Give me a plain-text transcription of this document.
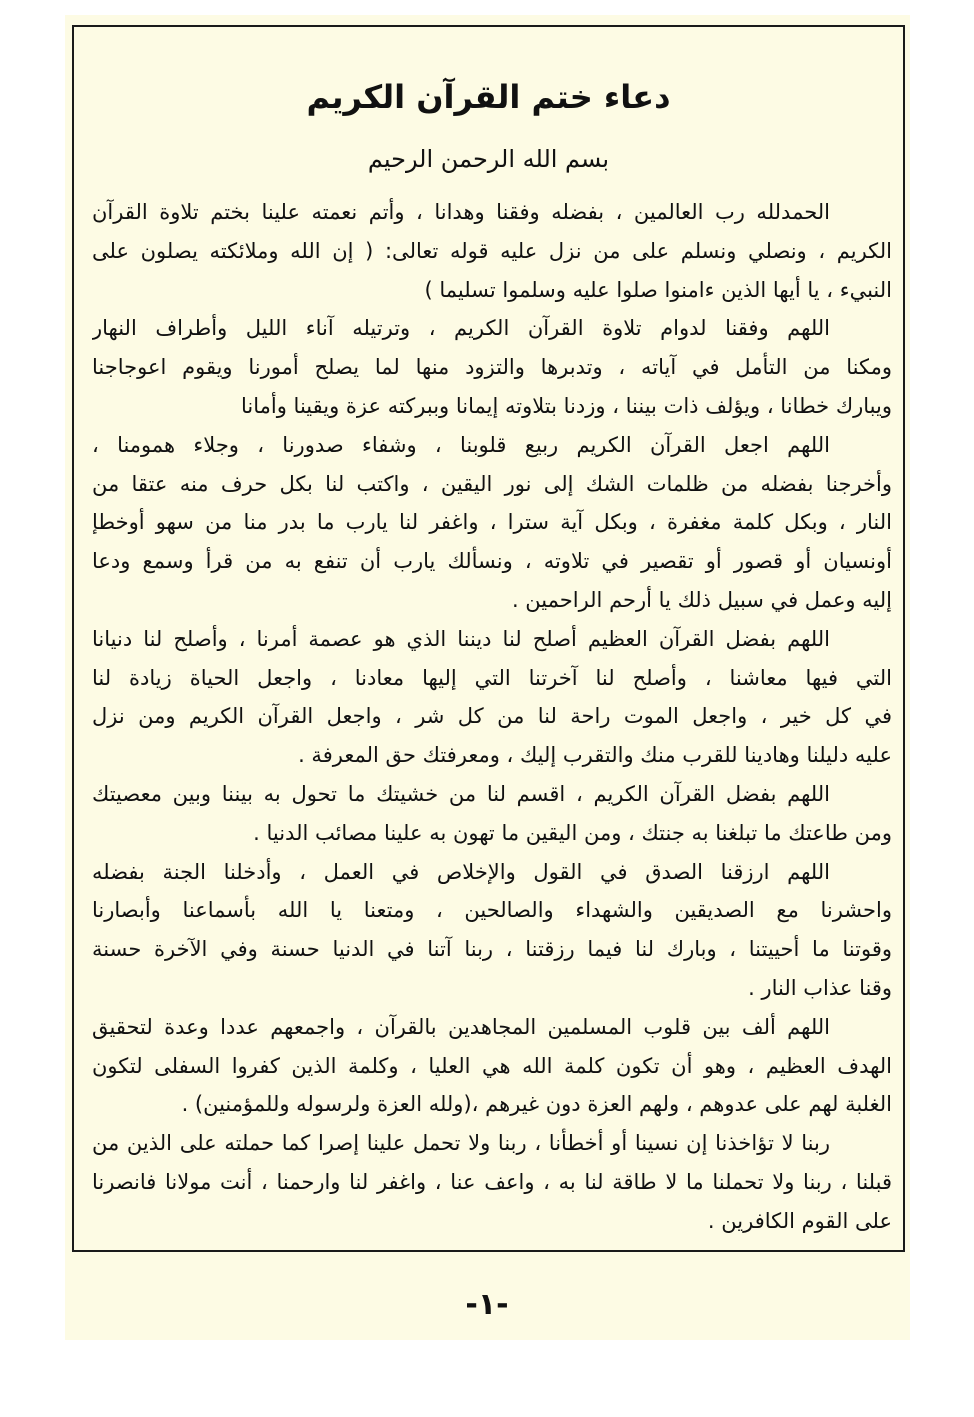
دعاء ختم القرآن الكريم
بسم الله الرحمن الرحيم
الحمدلله رب العالمين ، بفضله وفقنا وهدانا ، وأتم نعمته علينا بختم تلاوة القرآن
الكريم ، ونصلي ونسلم على من نزل عليه قوله تعالى: ( إن الله وملائكته يصلون على
النبيء ، يا أيها الذين ءامنوا صلوا عليه وسلموا تسليما )
اللهم وفقنا لدوام تلاوة القرآن الكريم ، وترتيله آناء الليل وأطراف النهار
ومكنا من التأمل في آياته ، وتدبرها والتزود منها لما يصلح أمورنا ويقوم اعوجاجنا
ويبارك خطانا ، ويؤلف ذات بيننا ، وزدنا بتلاوته إيمانا وببركته عزة ويقينا وأمانا
اللهم اجعل القرآن الكريم ربيع قلوبنا ، وشفاء صدورنا ، وجلاء همومنا ،
وأخرجنا بفضله من ظلمات الشك إلى نور اليقين ، واكتب لنا بكل حرف منه عتقا من
النار ، وبكل كلمة مغفرة ، وبكل آية سترا ، واغفر لنا يارب ما بدر منا من سهو أوخطإ
أونسيان أو قصور أو تقصير في تلاوته ، ونسألك يارب أن تنفع به من قرأ وسمع ودعا
إليه وعمل في سبيل ذلك يا أرحم الراحمين .
اللهم بفضل القرآن العظيم أصلح لنا ديننا الذي هو عصمة أمرنا ، وأصلح لنا دنيانا
التي فيها معاشنا ، وأصلح لنا آخرتنا التي إليها معادنا ، واجعل الحياة زيادة لنا
في كل خير ، واجعل الموت راحة لنا من كل شر ، واجعل القرآن الكريم ومن نزل
عليه دليلنا وهادينا للقرب منك والتقرب إليك ، ومعرفتك حق المعرفة .
اللهم بفضل القرآن الكريم ، اقسم لنا من خشيتك ما تحول به بيننا وبين معصيتك
ومن طاعتك ما تبلغنا به جنتك ، ومن اليقين ما تهون به علينا مصائب الدنيا .
اللهم ارزقنا الصدق في القول والإخلاص في العمل ، وأدخلنا الجنة بفضله
واحشرنا مع الصديقين والشهداء والصالحين ، ومتعنا يا الله بأسماعنا وأبصارنا
وقوتنا ما أحييتنا ، وبارك لنا فيما رزقتنا ، ربنا آتنا في الدنيا حسنة وفي الآخرة حسنة
وقنا عذاب النار .
اللهم ألف بين قلوب المسلمين المجاهدين بالقرآن ، واجمعهم عددا وعدة لتحقيق
الهدف العظيم ، وهو أن تكون كلمة الله هي العليا ، وكلمة الذين كفروا السفلى لتكون
الغلبة لهم على عدوهم ، ولهم العزة دون غيرهم ،(ولله العزة ولرسوله وللمؤمنين) .
ربنا لا تؤاخذنا إن نسينا أو أخطأنا ، ربنا ولا تحمل علينا إصرا كما حملته على الذين من
قبلنا ، ربنا ولا تحملنا ما لا طاقة لنا به ، واعف عنا ، واغفر لنا وارحمنا ، أنت مولانا فانصرنا
على القوم الكافرين .
-١-
